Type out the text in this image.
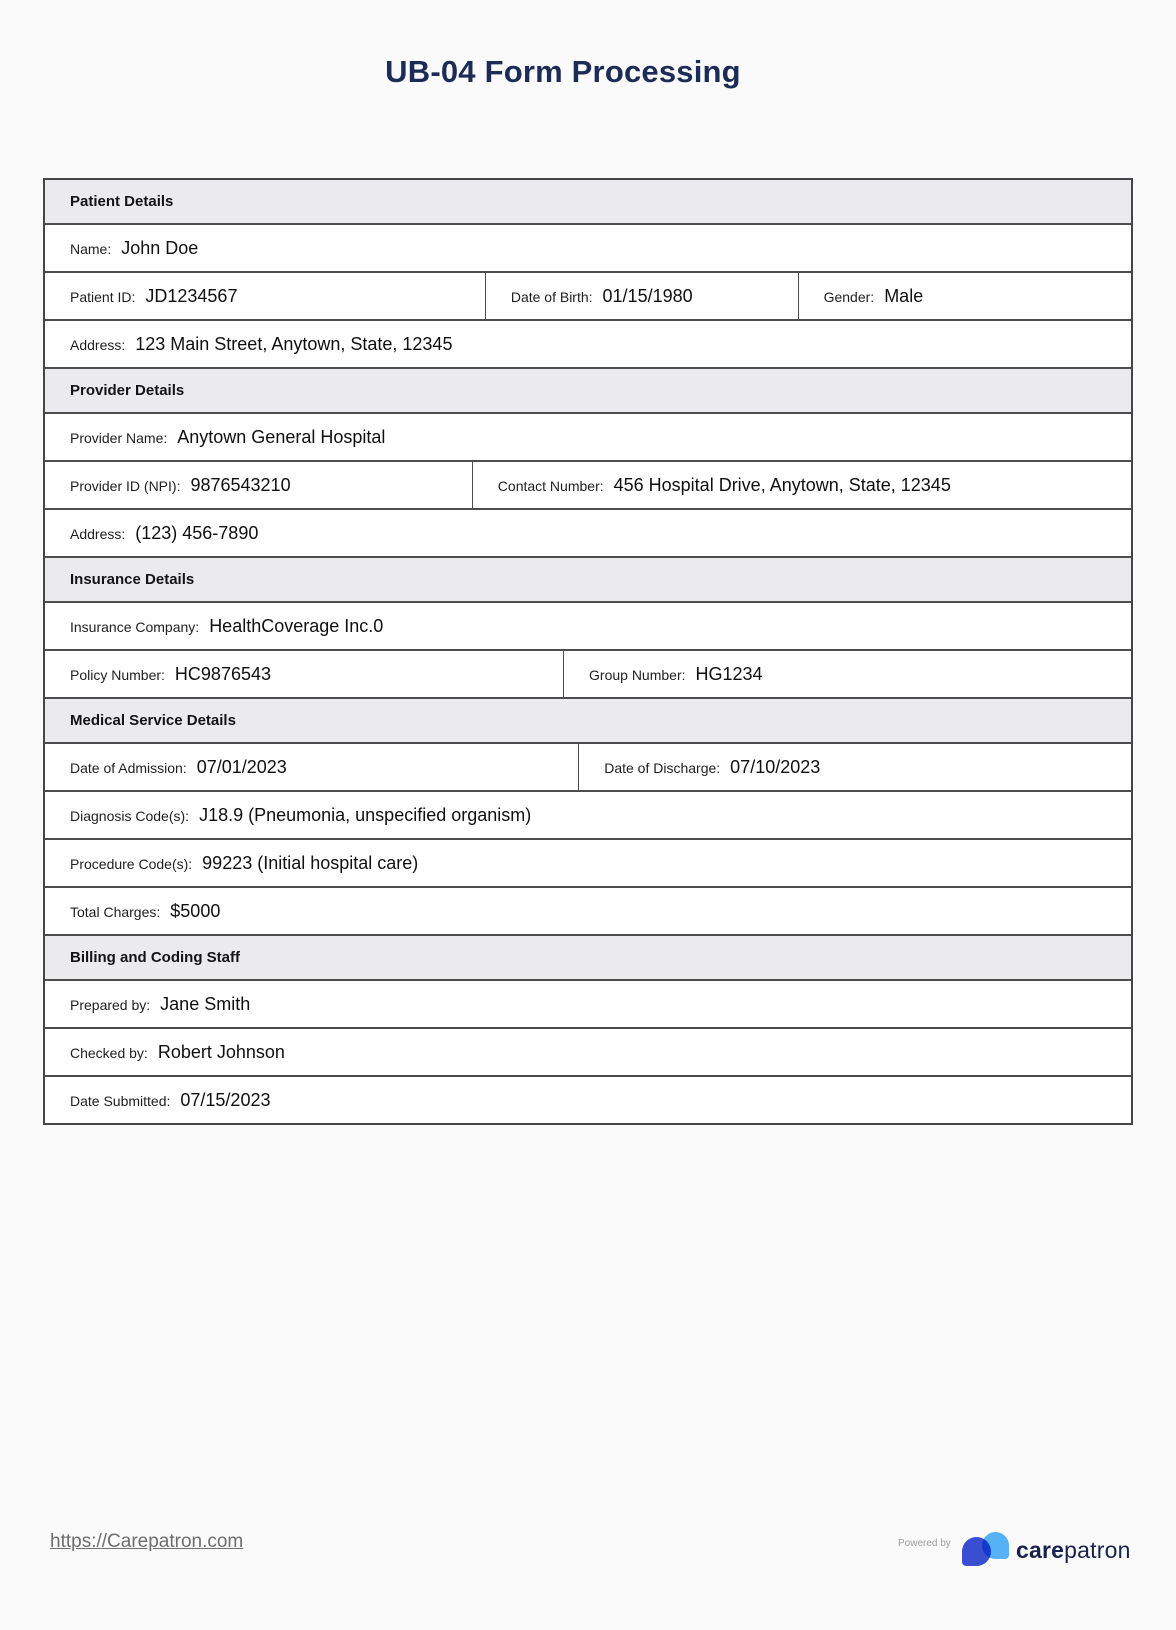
UB-04 Form Processing
Patient Details
Name: John Doe
Patient ID: JD1234567	Date of Birth: 01/15/1980	Gender: Male
Address: 123 Main Street, Anytown, State, 12345
Provider Details
Provider Name: Anytown General Hospital
Provider ID (NPI): 9876543210	Contact Number: 456 Hospital Drive, Anytown, State, 12345
Address: (123) 456-7890
Insurance Details
Insurance Company: HealthCoverage Inc.0
Policy Number: HC9876543	Group Number: HG1234
Medical Service Details
Date of Admission: 07/01/2023	Date of Discharge: 07/10/2023
Diagnosis Code(s): J18.9 (Pneumonia, unspecified organism)
Procedure Code(s): 99223 (Initial hospital care)
Total Charges: $5000
Billing and Coding Staff
Prepared by: Jane Smith
Checked by: Robert Johnson
Date Submitted: 07/15/2023
https://Carepatron.com	Powered by	carepatron
